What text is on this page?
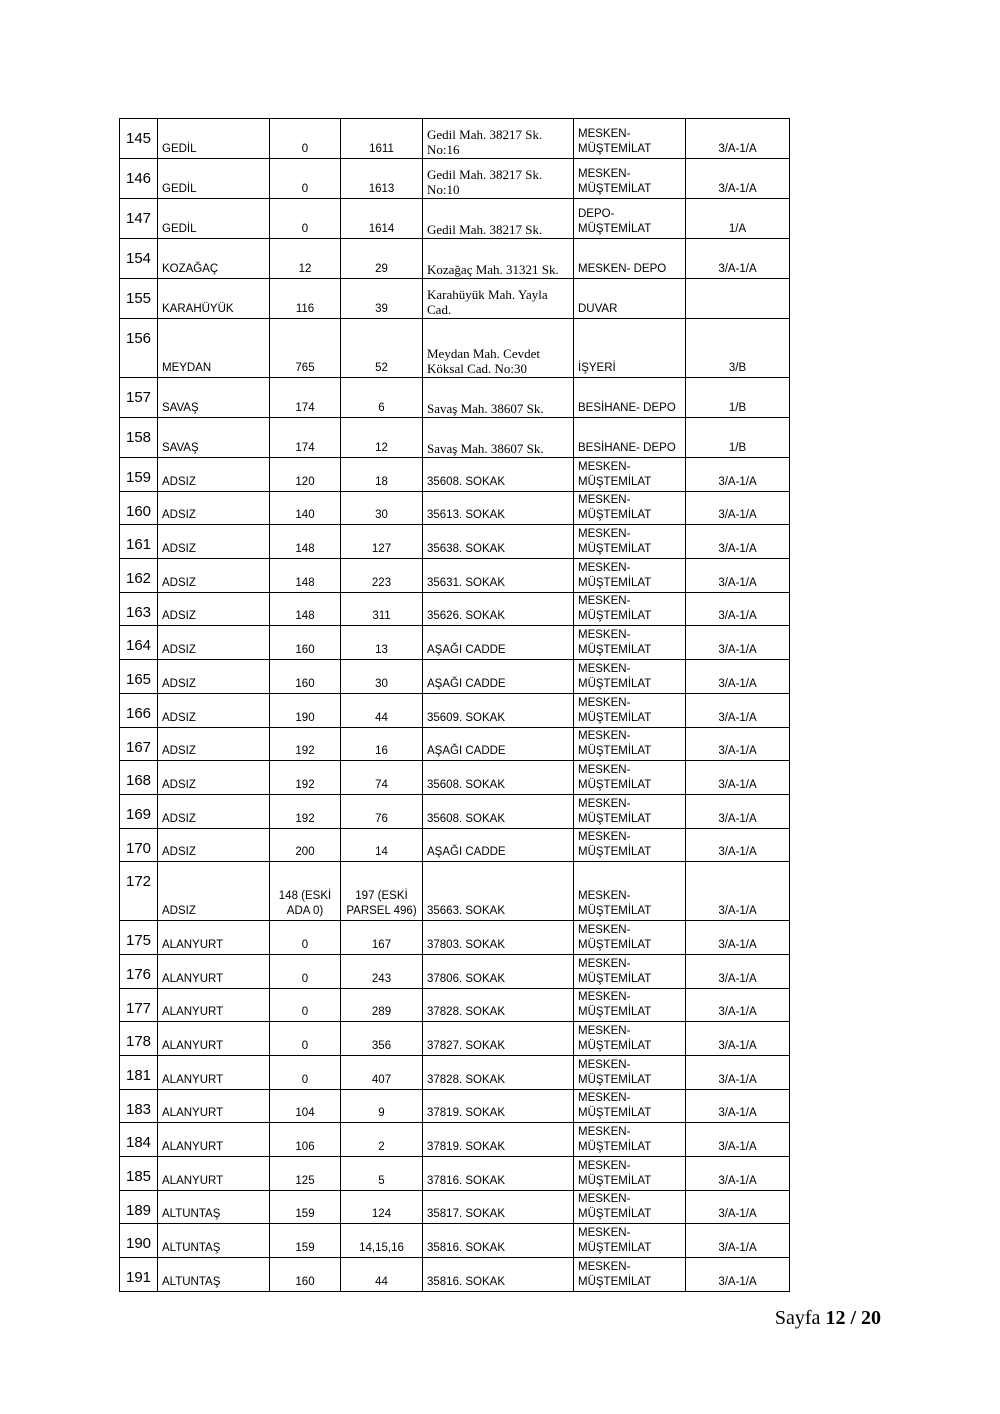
145	GEDİL	0	1611	Gedil Mah. 38217 Sk.
No:16	MESKEN-
MÜŞTEMİLAT	3/A-1/A

146	GEDİL	0	1613	Gedil Mah. 38217 Sk.
No:10	MESKEN-
MÜŞTEMİLAT	3/A-1/A

147	GEDİL	0	1614	Gedil Mah. 38217 Sk.	DEPO-
MÜŞTEMİLAT	1/A

154	KOZAĞAÇ	12	29	Kozağaç Mah. 31321 Sk.	MESKEN- DEPO	3/A-1/A

155	KARAHÜYÜK	116	39	Karahüyük Mah. Yayla
Cad.	DUVAR	

156	MEYDAN	765	52	Meydan Mah. Cevdet
Köksal Cad. No:30	İŞYERİ	3/B

157	SAVAŞ	174	6	Savaş Mah. 38607 Sk.	BESİHANE- DEPO	1/B

158	SAVAŞ	174	12	Savaş Mah. 38607 Sk.	BESİHANE- DEPO	1/B

159	ADSIZ	120	18	35608. SOKAK	MESKEN-
MÜŞTEMİLAT	3/A-1/A

160	ADSIZ	140	30	35613. SOKAK	MESKEN-
MÜŞTEMİLAT	3/A-1/A

161	ADSIZ	148	127	35638. SOKAK	MESKEN-
MÜŞTEMİLAT	3/A-1/A

162	ADSIZ	148	223	35631. SOKAK	MESKEN-
MÜŞTEMİLAT	3/A-1/A

163	ADSIZ	148	311	35626. SOKAK	MESKEN-
MÜŞTEMİLAT	3/A-1/A

164	ADSIZ	160	13	AŞAĞI CADDE	MESKEN-
MÜŞTEMİLAT	3/A-1/A

165	ADSIZ	160	30	AŞAĞI CADDE	MESKEN-
MÜŞTEMİLAT	3/A-1/A

166	ADSIZ	190	44	35609. SOKAK	MESKEN-
MÜŞTEMİLAT	3/A-1/A

167	ADSIZ	192	16	AŞAĞI CADDE	MESKEN-
MÜŞTEMİLAT	3/A-1/A

168	ADSIZ	192	74	35608. SOKAK	MESKEN-
MÜŞTEMİLAT	3/A-1/A

169	ADSIZ	192	76	35608. SOKAK	MESKEN-
MÜŞTEMİLAT	3/A-1/A

170	ADSIZ	200	14	AŞAĞI CADDE	MESKEN-
MÜŞTEMİLAT	3/A-1/A

172	ADSIZ	148 (ESKİ
ADA 0)	197 (ESKİ
PARSEL 496)	35663. SOKAK	MESKEN-
MÜŞTEMİLAT	3/A-1/A

175	ALANYURT	0	167	37803. SOKAK	MESKEN-
MÜŞTEMİLAT	3/A-1/A

176	ALANYURT	0	243	37806. SOKAK	MESKEN-
MÜŞTEMİLAT	3/A-1/A

177	ALANYURT	0	289	37828. SOKAK	MESKEN-
MÜŞTEMİLAT	3/A-1/A

178	ALANYURT	0	356	37827. SOKAK	MESKEN-
MÜŞTEMİLAT	3/A-1/A

181	ALANYURT	0	407	37828. SOKAK	MESKEN-
MÜŞTEMİLAT	3/A-1/A

183	ALANYURT	104	9	37819. SOKAK	MESKEN-
MÜŞTEMİLAT	3/A-1/A

184	ALANYURT	106	2	37819. SOKAK	MESKEN-
MÜŞTEMİLAT	3/A-1/A

185	ALANYURT	125	5	37816. SOKAK	MESKEN-
MÜŞTEMİLAT	3/A-1/A

189	ALTUNTAŞ	159	124	35817. SOKAK	MESKEN-
MÜŞTEMİLAT	3/A-1/A

190	ALTUNTAŞ	159	14,15,16	35816. SOKAK	MESKEN-
MÜŞTEMİLAT	3/A-1/A

191	ALTUNTAŞ	160	44	35816. SOKAK	MESKEN-
MÜŞTEMİLAT	3/A-1/A
Sayfa 12 / 20
